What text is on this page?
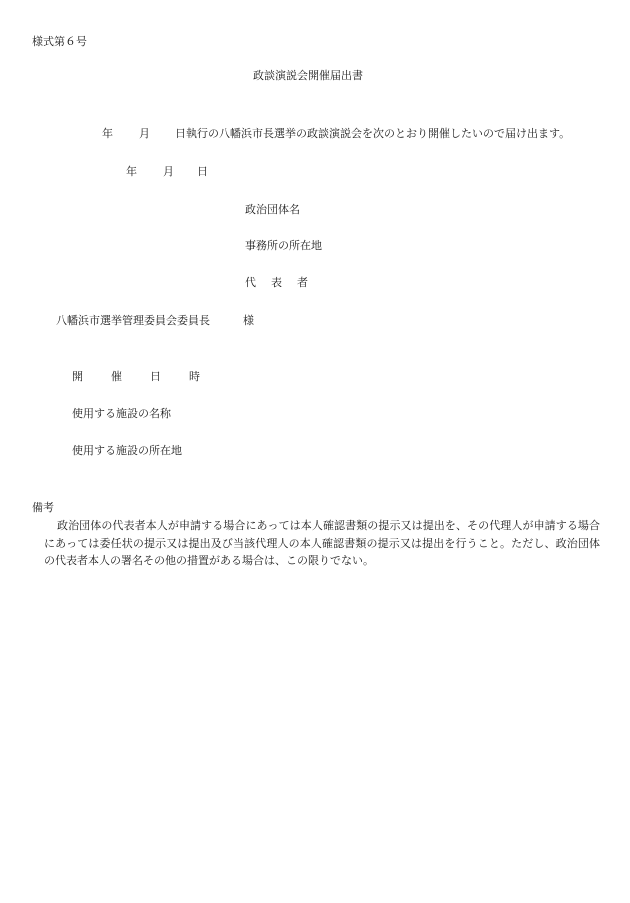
様式第６号
政談演説会開催届出書
年 月 日執行の八幡浜市長選挙の政談演説会を次のとおり開催したいので届け出ます。
年 月 日
政治団体名
事務所の所在地
代　表　者
八幡浜市選挙管理委員会委員長	様
開　　催　　日　　時
使用する施設の名称
使用する施設の所在地
備考
政治団体の代表者本人が申請する場合にあっては本人確認書類の提示又は提出を、その代理人が申請する場合にあっては委任状の提示又は提出及び当該代理人の本人確認書類の提示又は提出を行うこと。ただし、政治団体の代表者本人の署名その他の措置がある場合は、この限りでない。
